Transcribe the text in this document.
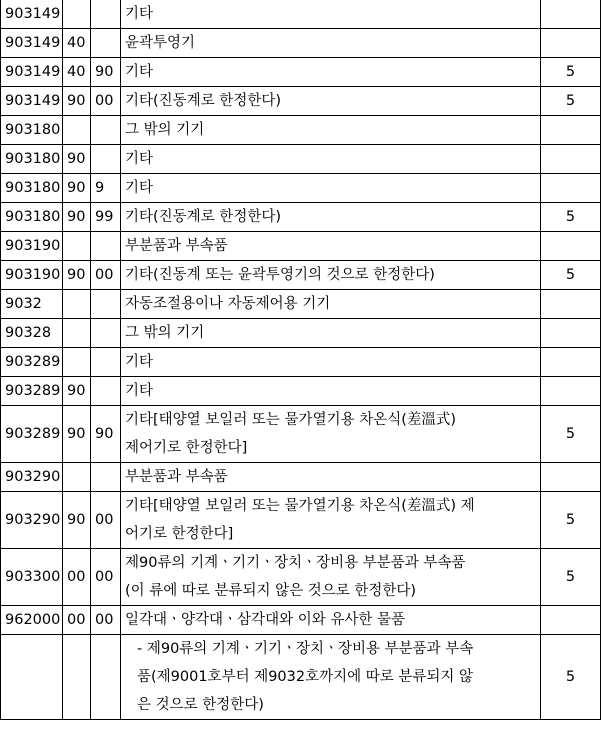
903149			기타	

903149	40		윤곽투영기	

903149	40	90	기타	5
903149	90	00	기타(진동계로 한정한다)	5
903180			그 밖의 기기	

903180	90		기타	

903180	90	9	기타	

903180	90	99	기타(진동계로 한정한다)	5
903190			부분품과 부속품	

903190	90	00	기타(진동계 또는 윤곽투영기의 것으로 한정한다)	5
9032			자동조절용이나 자동제어용 기기	

90328			그 밖의 기기	

903289			기타	

903289	90		기타	

903289	90	90	기타[태양열 보일러 또는 물가열기용 차온식(差溫式)
제어기로 한정한다]	5
903290			부분품과 부속품	

903290	90	00	기타[태양열 보일러 또는 물가열기용 차온식(差溫式) 제
어기로 한정한다]	5
903300	00	00	제90류의 기계ㆍ기기ㆍ장치ㆍ장비용 부분품과 부속품
(이 류에 따로 분류되지 않은 것으로 한정한다)	5
962000	00	00	일각대ㆍ양각대ㆍ삼각대와 이와 유사한 물품	

			- 제90류의 기계ㆍ기기ㆍ장치ㆍ장비용 부분품과 부속
품(제9001호부터 제9032호까지에 따로 분류되지 않
은 것으로 한정한다)	5
